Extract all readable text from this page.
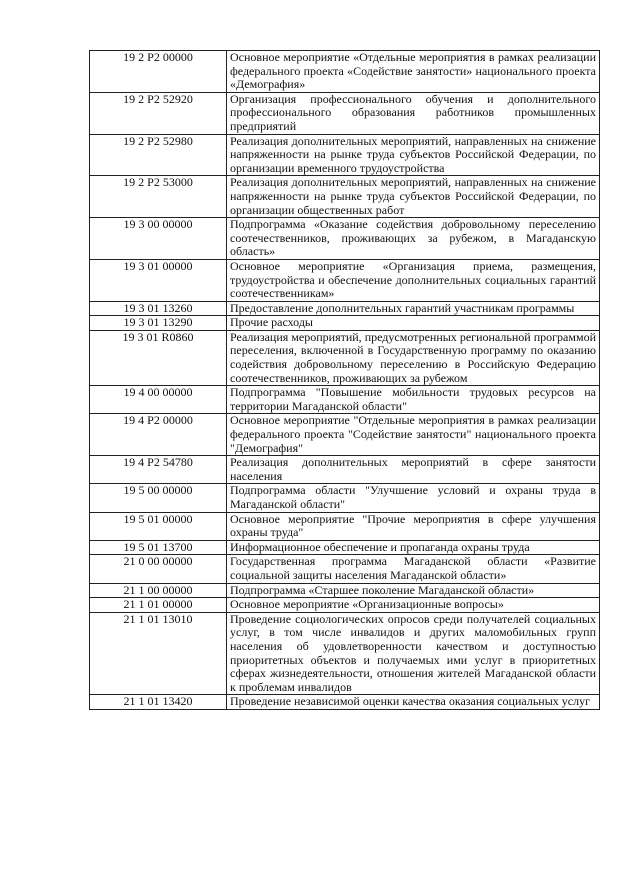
19 2 P2 00000	Основное мероприятие «Отдельные мероприятия в рамках реализации федерального проекта «Содействие занятости» национального проекта «Демография»
19 2 P2 52920	Организация профессионального обучения и дополнительного профессионального образования работников промышленных предприятий
19 2 P2 52980	Реализация дополнительных мероприятий, направленных на снижение напряженности на рынке труда субъектов Российской Федерации, по организации временного трудоустройства
19 2 P2 53000	Реализация дополнительных мероприятий, направленных на снижение напряженности на рынке труда субъектов Российской Федерации, по организации общественных работ
19 3 00 00000	Подпрограмма «Оказание содействия добровольному переселению соотечественников, проживающих за рубежом, в Магаданскую область»
19 3 01 00000	Основное мероприятие «Организация приема, размещения, трудоустройства и обеспечение дополнительных социальных гарантий соотечественникам»
19 3 01 13260	Предоставление дополнительных гарантий участникам программы
19 3 01 13290	Прочие расходы
19 3 01 R0860	Реализация мероприятий, предусмотренных региональной программой переселения, включенной в Государственную программу по оказанию содействия добровольному переселению в Российскую Федерацию соотечественников, проживающих за рубежом
19 4 00 00000	Подпрограмма "Повышение мобильности трудовых ресурсов на территории Магаданской области"
19 4 P2 00000	Основное мероприятие "Отдельные мероприятия в рамках реализации федерального проекта "Содействие занятости" национального проекта "Демография"
19 4 P2 54780	Реализация дополнительных мероприятий в сфере занятости населения
19 5 00 00000	Подпрограмма области "Улучшение условий и охраны труда в Магаданской области"
19 5 01 00000	Основное мероприятие "Прочие мероприятия в сфере улучшения охраны труда"
19 5 01 13700	Информационное обеспечение и пропаганда охраны труда
21 0 00 00000	Государственная программа Магаданской области «Развитие социальной защиты населения Магаданской области»
21 1 00 00000	Подпрограмма «Старшее поколение Магаданской области»
21 1 01 00000	Основное мероприятие «Организационные вопросы»
21 1 01 13010	Проведение социологических опросов среди получателей социальных услуг, в том числе инвалидов и других маломобильных групп населения об удовлетворенности качеством и доступностью приоритетных объектов и получаемых ими услуг в приоритетных сферах жизнедеятельности, отношения жителей Магаданской области к проблемам инвалидов
21 1 01 13420	Проведение независимой оценки качества оказания социальных услуг
